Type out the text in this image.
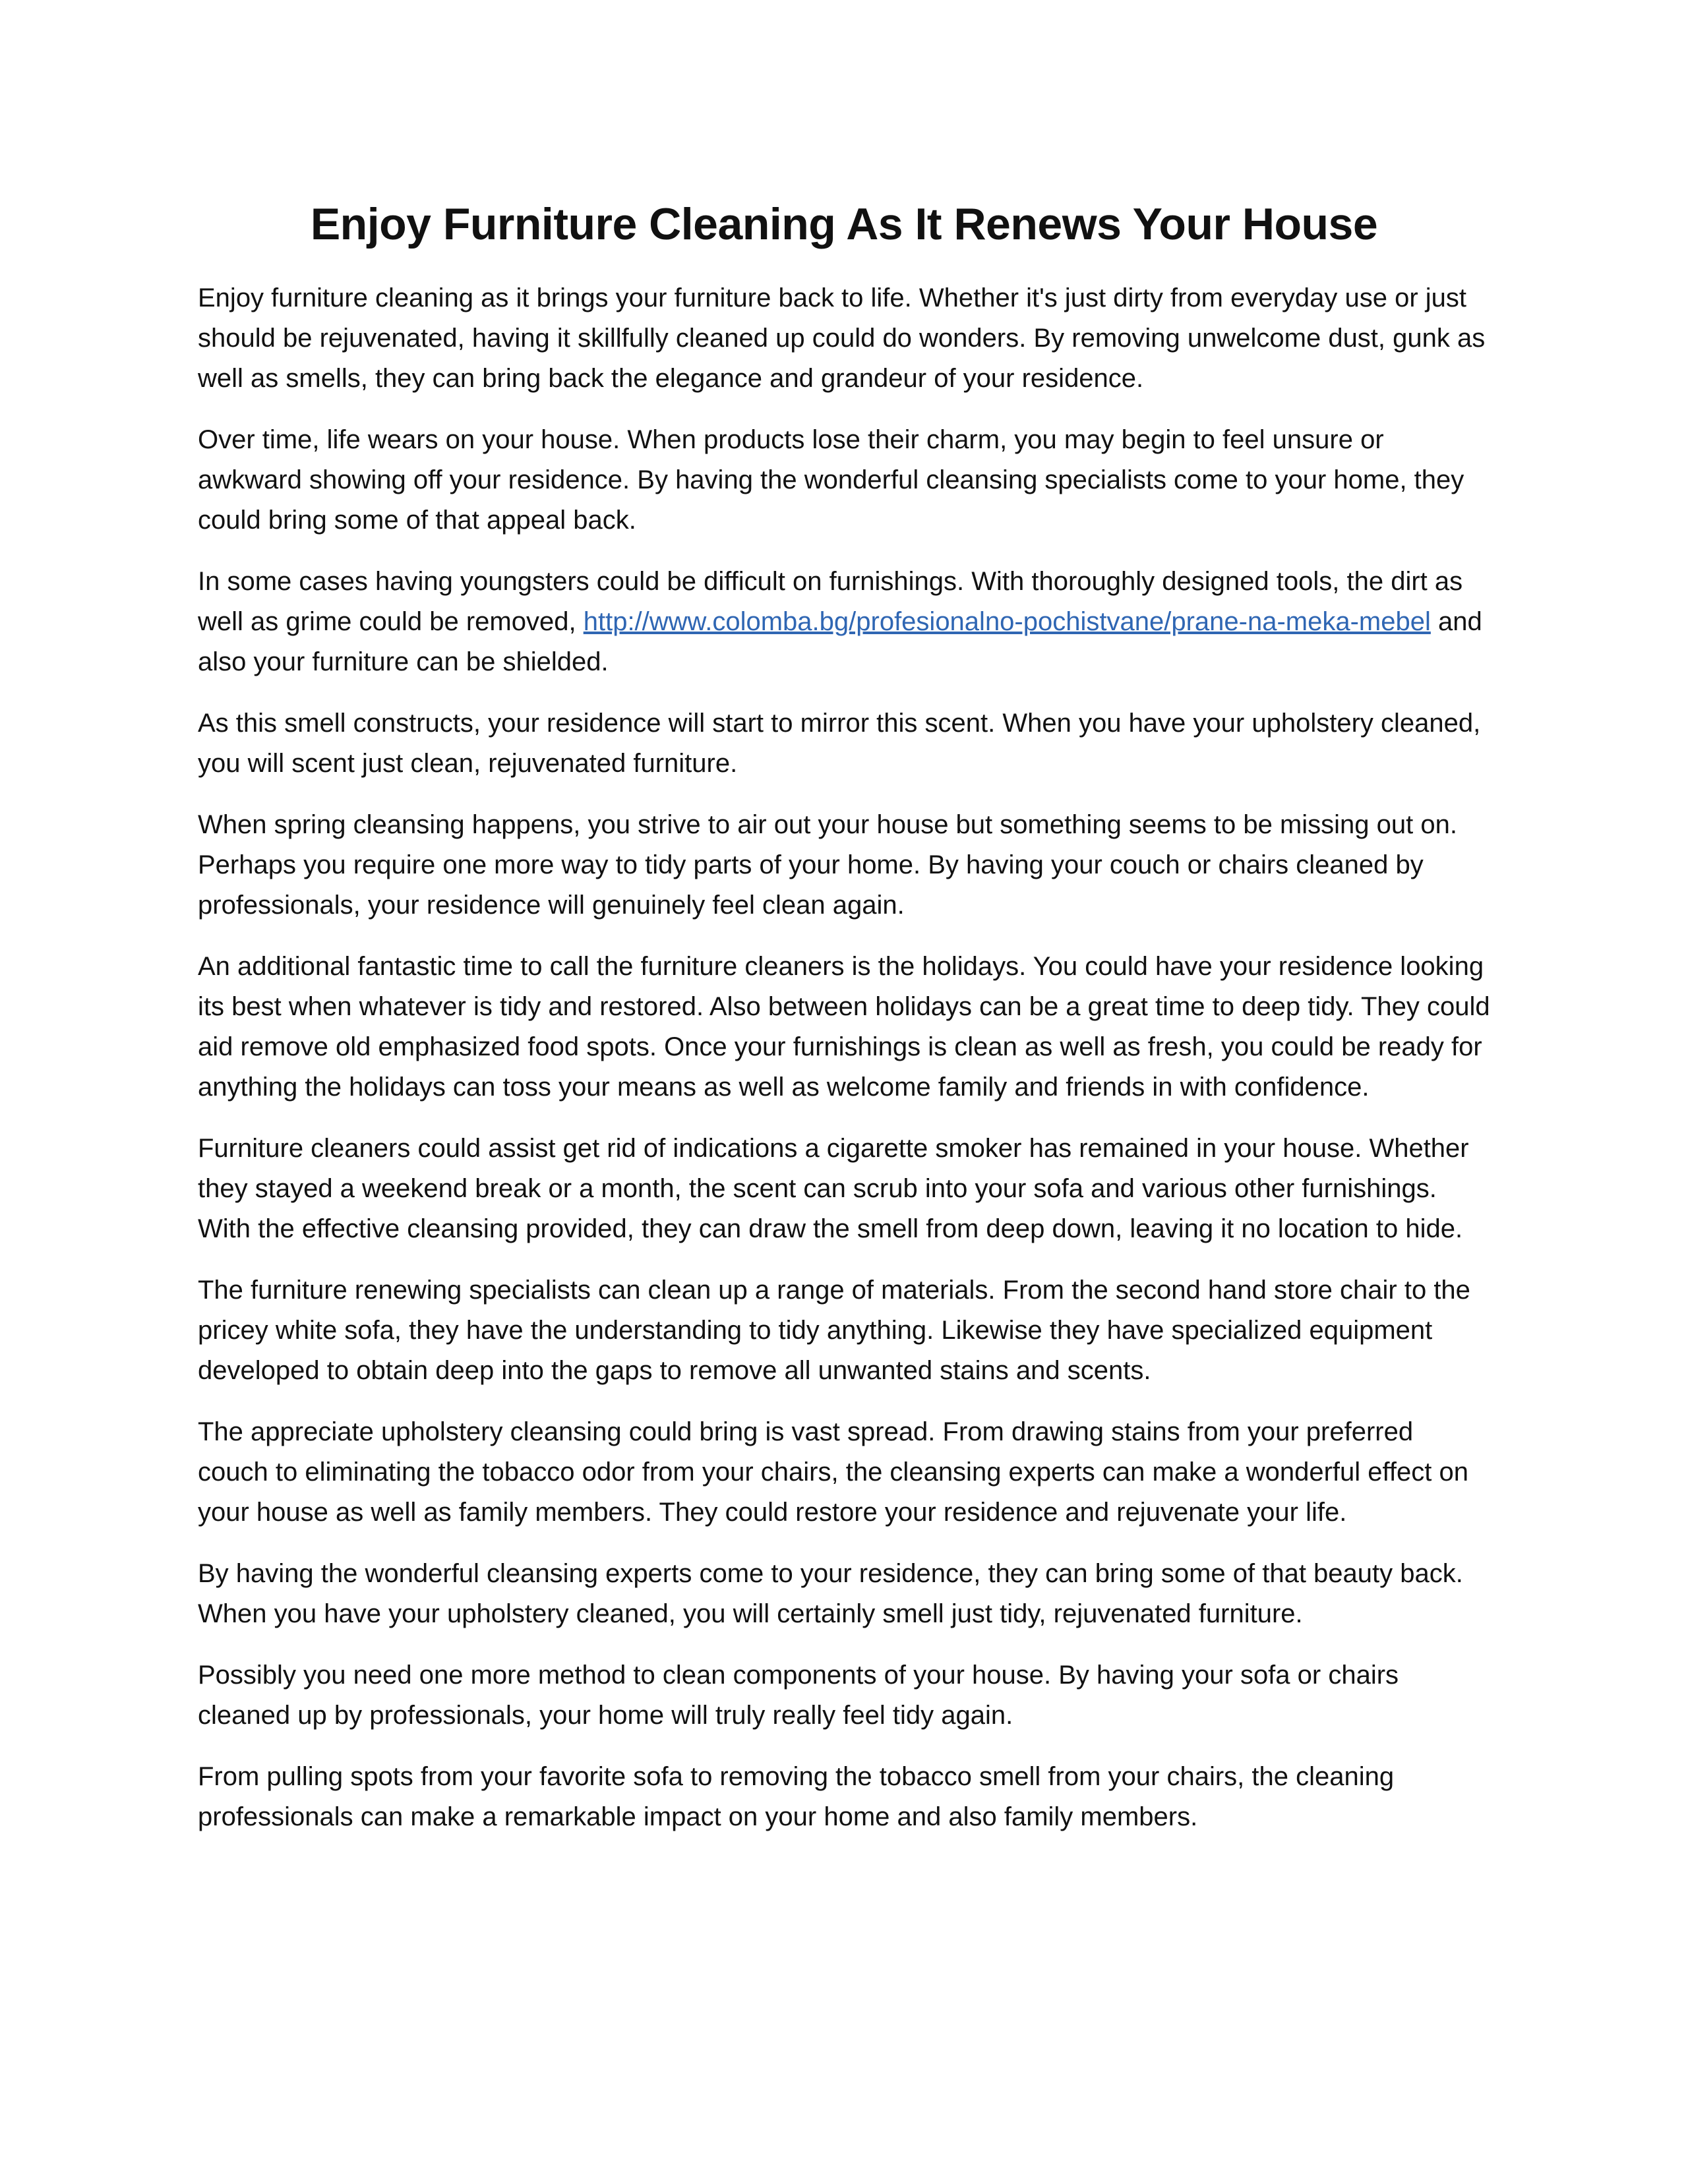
Enjoy Furniture Cleaning As It Renews Your House

Enjoy furniture cleaning as it brings your furniture back to life. Whether it's just dirty from everyday use or just should be rejuvenated, having it skillfully cleaned up could do wonders. By removing unwelcome dust, gunk as well as smells, they can bring back the elegance and grandeur of your residence.

Over time, life wears on your house. When products lose their charm, you may begin to feel unsure or awkward showing off your residence. By having the wonderful cleansing specialists come to your home, they could bring some of that appeal back.

In some cases having youngsters could be difficult on furnishings. With thoroughly designed tools, the dirt as well as grime could be removed, http://www.colomba.bg/profesionalno-pochistvane/prane-na-meka-mebel and also your furniture can be shielded.

As this smell constructs, your residence will start to mirror this scent. When you have your upholstery cleaned, you will scent just clean, rejuvenated furniture.

When spring cleansing happens, you strive to air out your house but something seems to be missing out on. Perhaps you require one more way to tidy parts of your home. By having your couch or chairs cleaned by professionals, your residence will genuinely feel clean again.

An additional fantastic time to call the furniture cleaners is the holidays. You could have your residence looking its best when whatever is tidy and restored. Also between holidays can be a great time to deep tidy. They could aid remove old emphasized food spots. Once your furnishings is clean as well as fresh, you could be ready for anything the holidays can toss your means as well as welcome family and friends in with confidence.

Furniture cleaners could assist get rid of indications a cigarette smoker has remained in your house. Whether they stayed a weekend break or a month, the scent can scrub into your sofa and various other furnishings. With the effective cleansing provided, they can draw the smell from deep down, leaving it no location to hide.

The furniture renewing specialists can clean up a range of materials. From the second hand store chair to the pricey white sofa, they have the understanding to tidy anything. Likewise they have specialized equipment developed to obtain deep into the gaps to remove all unwanted stains and scents.

The appreciate upholstery cleansing could bring is vast spread. From drawing stains from your preferred couch to eliminating the tobacco odor from your chairs, the cleansing experts can make a wonderful effect on your house as well as family members. They could restore your residence and rejuvenate your life.

By having the wonderful cleansing experts come to your residence, they can bring some of that beauty back. When you have your upholstery cleaned, you will certainly smell just tidy, rejuvenated furniture.

Possibly you need one more method to clean components of your house. By having your sofa or chairs cleaned up by professionals, your home will truly really feel tidy again.

From pulling spots from your favorite sofa to removing the tobacco smell from your chairs, the cleaning professionals can make a remarkable impact on your home and also family members.
